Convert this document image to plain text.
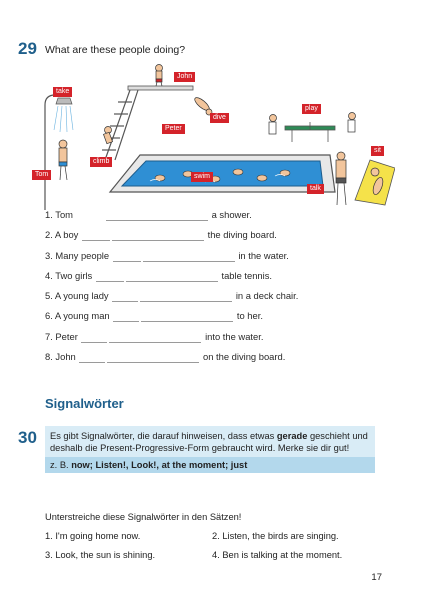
29 What are these people doing?
take
John
dive
Peter
play
sit
Tom
climb
swim
talk
1. Tom	a shower.
2. A boy	the diving board.
3. Many people	in the water.
4. Two girls	table tennis.
5. A young lady	in a deck chair.
6. A young man	to her.
7. Peter	into the water.
8. John	on the diving board.
Signalwörter
30	Es gibt Signalwörter, die darauf hinweisen, dass etwas gerade geschieht und deshalb die Present-Progressive-Form gebraucht wird. Merke sie dir gut!
z. B. now; Listen!, Look!, at the moment; just
Unterstreiche diese Signalwörter in den Sätzen!
1. I'm going home now.	2. Listen, the birds are singing.
3. Look, the sun is shining.	4. Ben is talking at the moment.
17
